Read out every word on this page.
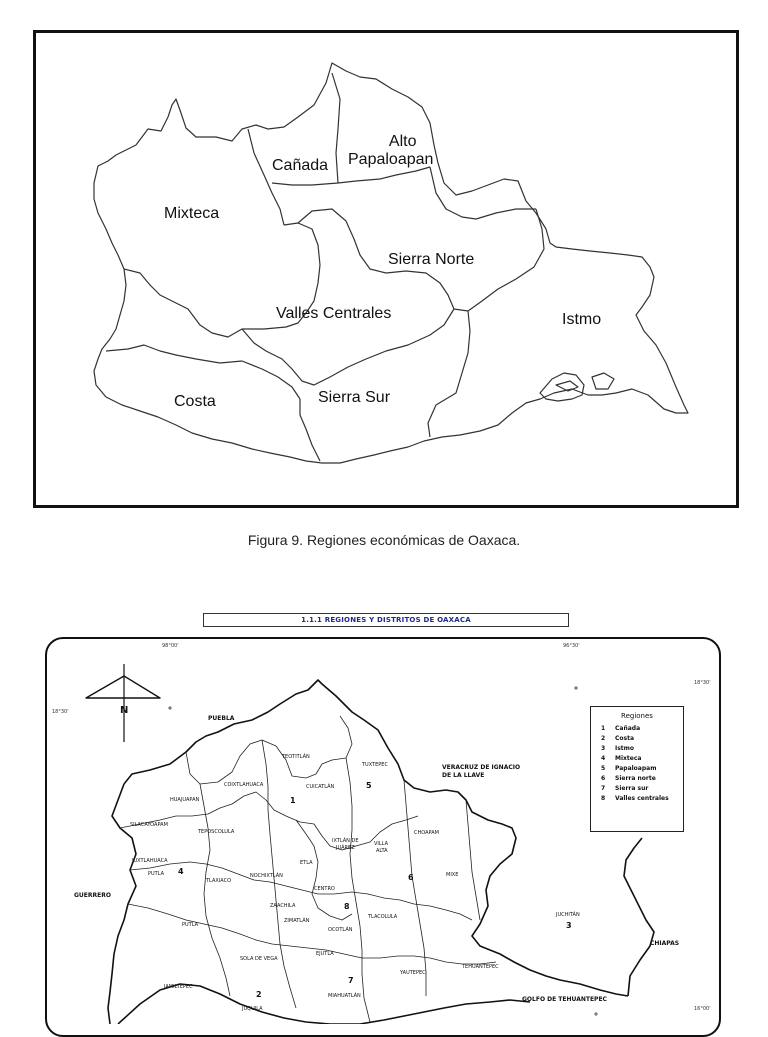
Alto
Papaloapan
Cañada
Mixteca
Sierra Norte
Valles Centrales	Istmo
Costa	Sierra Sur
Figura 9. Regiones económicas de Oaxaca.
1.1.1 REGIONES Y DISTRITOS DE OAXACA
98°00'	96°30'
18°30'
18°30'
16°00'
N
PUEBLA
VERACRUZ DE IGNACIO
DE LA LLAVE
GUERRERO
CHIAPAS
GOLFO DE TEHUANTEPEC
TEOTITLÁN
TUXTEPEC
COIXTLAHUACA	CUICATLÁN
HUAJUAPAN
SILACAYOAPAM
TEPOSCOLULA
IXTLÁN DE
JUÁREZ
CHOAPAM
VILLA
ALTA
JUXTLAHUACA
PUTLA
TLAXIACO
NOCHIXTLÁN
ETLA
MIXE
CENTRO
ZAACHILA
ZIMATLÁN
TLACOLULA
PUTLA
OCOTLÁN
JUCHITÁN
SOLA DE VEGA
EJUTLA
YAUTEPEC
TEHUANTEPEC
JAMILTEPEC
MIAHUATLÁN
JUQUILA
1
2
3
4
5
6
7
8
Regiones
1	Cañada
2	Costa
3	Istmo
4	Mixteca
5	Papaloapam
6	Sierra norte
7	Sierra sur
8	Valles centrales
